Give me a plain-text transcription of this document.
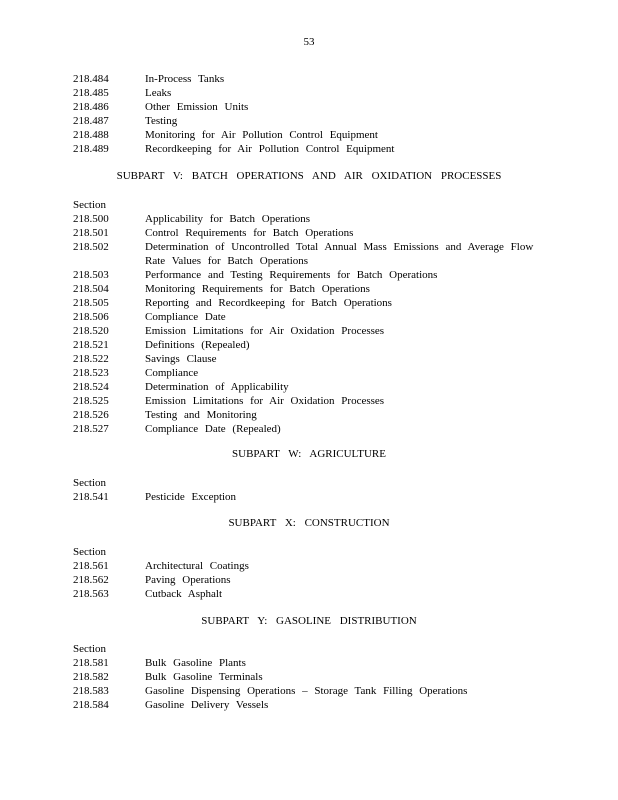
53
218.484	In-Process Tanks
218.485	Leaks
218.486	Other Emission Units
218.487	Testing
218.488	Monitoring for Air Pollution Control Equipment
218.489	Recordkeeping for Air Pollution Control Equipment
SUBPART V: BATCH OPERATIONS AND AIR OXIDATION PROCESSES
Section
218.500	Applicability for Batch Operations
218.501	Control Requirements for Batch Operations
218.502	Determination of Uncontrolled Total Annual Mass Emissions and Average Flow Rate Values for Batch Operations
218.503	Performance and Testing Requirements for Batch Operations
218.504	Monitoring Requirements for Batch Operations
218.505	Reporting and Recordkeeping for Batch Operations
218.506	Compliance Date
218.520	Emission Limitations for Air Oxidation Processes
218.521	Definitions (Repealed)
218.522	Savings Clause
218.523	Compliance
218.524	Determination of Applicability
218.525	Emission Limitations for Air Oxidation Processes
218.526	Testing and Monitoring
218.527	Compliance Date (Repealed)
SUBPART W: AGRICULTURE
Section
218.541	Pesticide Exception
SUBPART X: CONSTRUCTION
Section
218.561	Architectural Coatings
218.562	Paving Operations
218.563	Cutback Asphalt
SUBPART Y: GASOLINE DISTRIBUTION
Section
218.581	Bulk Gasoline Plants
218.582	Bulk Gasoline Terminals
218.583	Gasoline Dispensing Operations – Storage Tank Filling Operations
218.584	Gasoline Delivery Vessels
